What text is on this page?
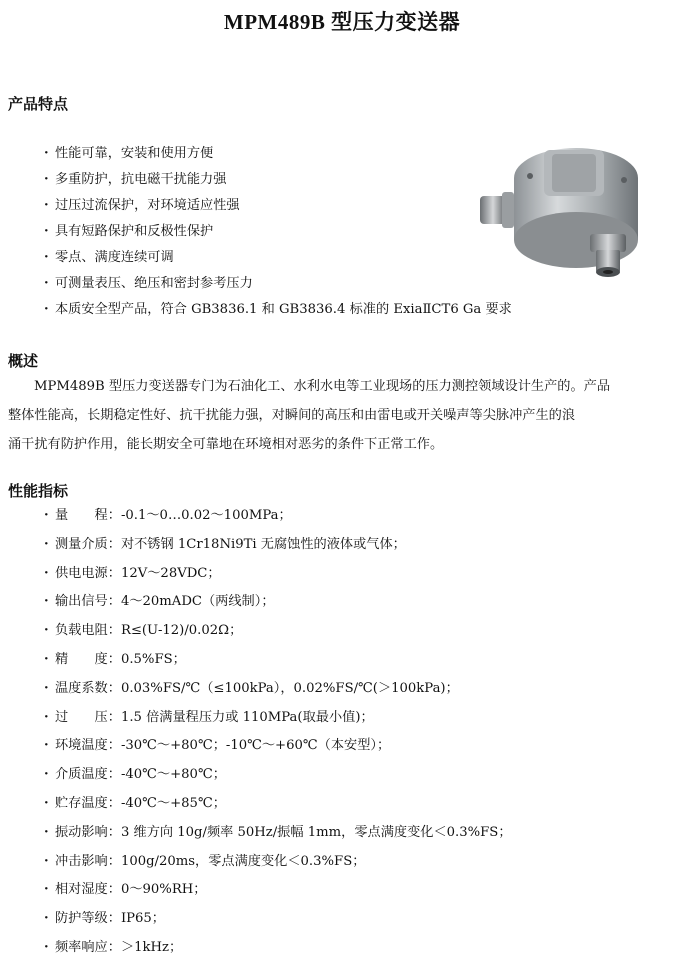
MPM489B 型压力变送器
产品特点
· 性能可靠，安装和使用方便
· 多重防护，抗电磁干扰能力强
· 过压过流保护，对环境适应性强
· 具有短路保护和反极性保护
· 零点、满度连续可调
· 可测量表压、绝压和密封参考压力
· 本质安全型产品，符合 GB3836.1 和 GB3836.4 标准的 ExiaⅡCT6 Ga 要求
概述
MPM489B 型压力变送器专门为石油化工、水利水电等工业现场的压力测控领域设计生产的。产品
整体性能高，长期稳定性好、抗干扰能力强，对瞬间的高压和由雷电或开关噪声等尖脉冲产生的浪
涌干扰有防护作用，能长期安全可靠地在环境相对恶劣的条件下正常工作。
性能指标
· 量　　程：-0.1～0…0.02～100MPa；
· 测量介质：对不锈钢 1Cr18Ni9Ti 无腐蚀性的液体或气体；
· 供电电源：12V～28VDC；
· 输出信号：4～20mADC（两线制）；
· 负载电阻：R≤(U-12)/0.02Ω；
· 精　　度：0.5%FS；
· 温度系数：0.03%FS/℃（≤100kPa），0.02%FS/℃(＞100kPa)；
· 过　　压：1.5 倍满量程压力或 110MPa(取最小值)；
· 环境温度：-30℃～+80℃；-10℃～+60℃（本安型）；
· 介质温度：-40℃～+80℃；
· 贮存温度：-40℃～+85℃；
· 振动影响：3 维方向 10g/频率 50Hz/振幅 1mm，零点满度变化＜0.3%FS；
· 冲击影响：100g/20ms，零点满度变化＜0.3%FS；
· 相对湿度：0～90%RH；
· 防护等级：IP65；
· 频率响应：＞1kHz；
